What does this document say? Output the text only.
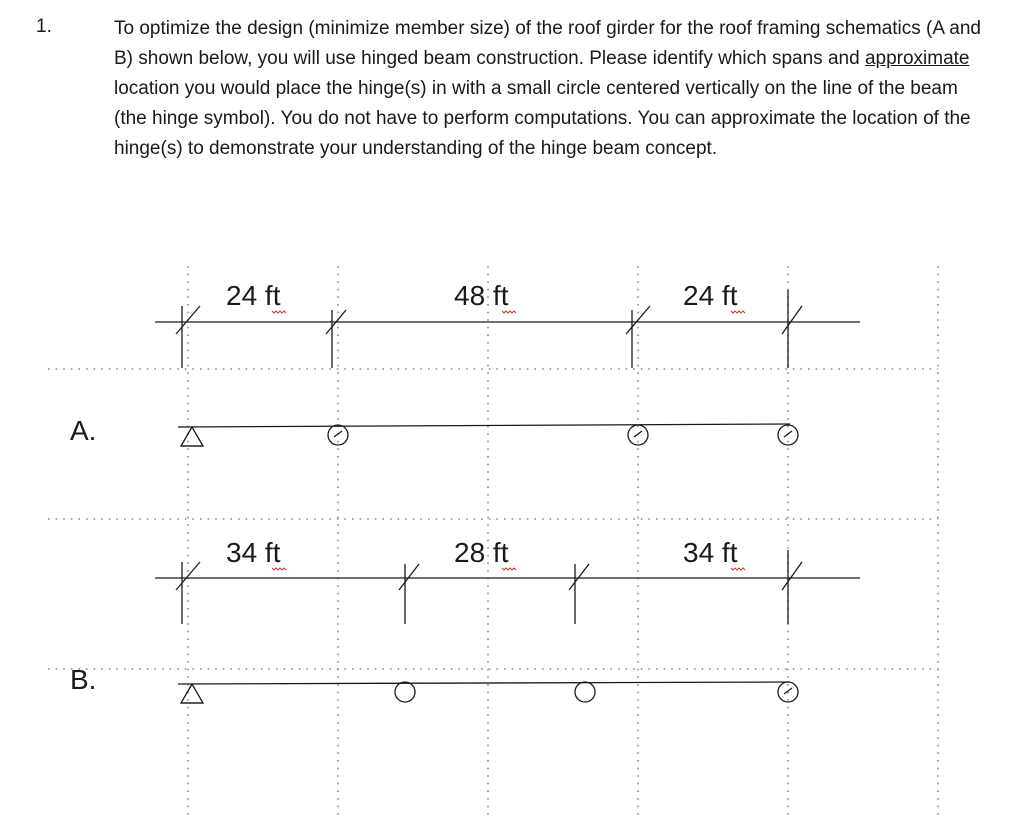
1.	To optimize the design (minimize member size) of the roof girder for the roof framing schematics (A and B) shown below, you will use hinged beam construction. Please identify which spans and approximate location you would place the hinge(s) in with a small circle centered vertically on the line of the beam (the hinge symbol). You do not have to perform computations. You can approximate the location of the hinge(s) to demonstrate your understanding of the hinge beam concept.
24 ft	48 ft	24 ft
A.
34 ft	28 ft	34 ft
B.
